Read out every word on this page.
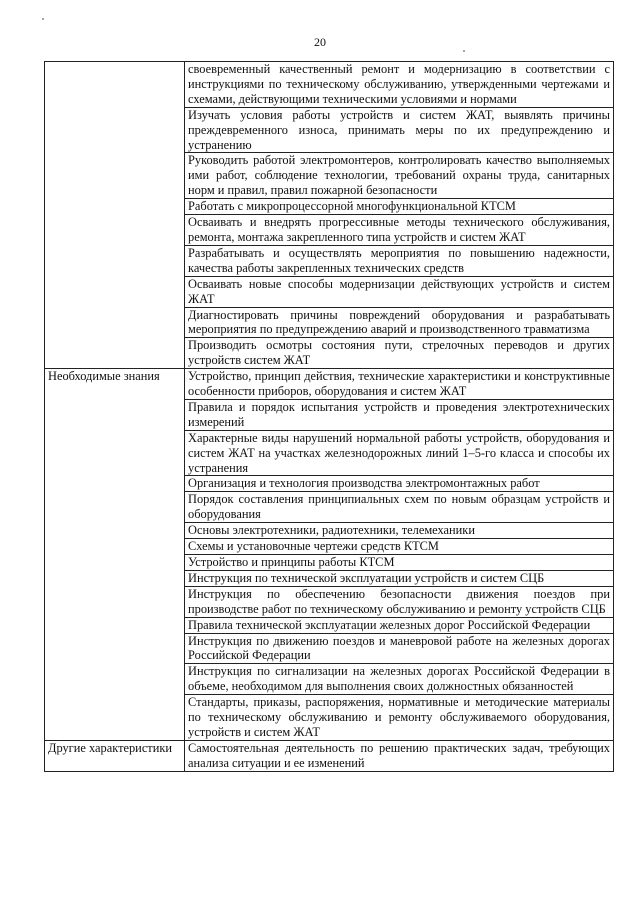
20
	своевременный качественный ремонт и модернизацию в соответствии с инструкциями по техническому обслуживанию, утвержденными чертежами и схемами, действующими техническими условиями и нормами
	Изучать условия работы устройств и систем ЖАТ, выявлять причины преждевременного износа, принимать меры по их предупреждению и устранению
	Руководить работой электромонтеров, контролировать качество выполняемых ими работ, соблюдение технологии, требований охраны труда, санитарных норм и правил, правил пожарной безопасности
	Работать с микропроцессорной многофункциональной КТСМ
	Осваивать и внедрять прогрессивные методы технического обслуживания, ремонта, монтажа закрепленного типа устройств и систем ЖАТ
	Разрабатывать и осуществлять мероприятия по повышению надежности, качества работы закрепленных технических средств
	Осваивать новые способы модернизации действующих устройств и систем ЖАТ
	Диагностировать причины повреждений оборудования и разрабатывать мероприятия по предупреждению аварий и производственного травматизма
	Производить осмотры состояния пути, стрелочных переводов и других устройств систем ЖАТ
Необходимые знания	Устройство, принцип действия, технические характеристики и конструктивные особенности приборов, оборудования и систем ЖАТ
	Правила и порядок испытания устройств и проведения электротехнических измерений
	Характерные виды нарушений нормальной работы устройств, оборудования и систем ЖАТ на участках железнодорожных линий 1–5-го класса и способы их устранения
	Организация и технология производства электромонтажных работ
	Порядок составления принципиальных схем по новым образцам устройств и оборудования
	Основы электротехники, радиотехники, телемеханики
	Схемы и установочные чертежи средств КТСМ
	Устройство и принципы работы КТСМ
	Инструкция по технической эксплуатации устройств и систем СЦБ
	Инструкция по обеспечению безопасности движения поездов при производстве работ по техническому обслуживанию и ремонту устройств СЦБ
	Правила технической эксплуатации железных дорог Российской Федерации
	Инструкция по движению поездов и маневровой работе на железных дорогах Российской Федерации
	Инструкция по сигнализации на железных дорогах Российской Федерации в объеме, необходимом для выполнения своих должностных обязанностей
	Стандарты, приказы, распоряжения, нормативные и методические материалы по техническому обслуживанию и ремонту обслуживаемого оборудования, устройств и систем ЖАТ
Другие характеристики	Самостоятельная деятельность по решению практических задач, требующих анализа ситуации и ее изменений
